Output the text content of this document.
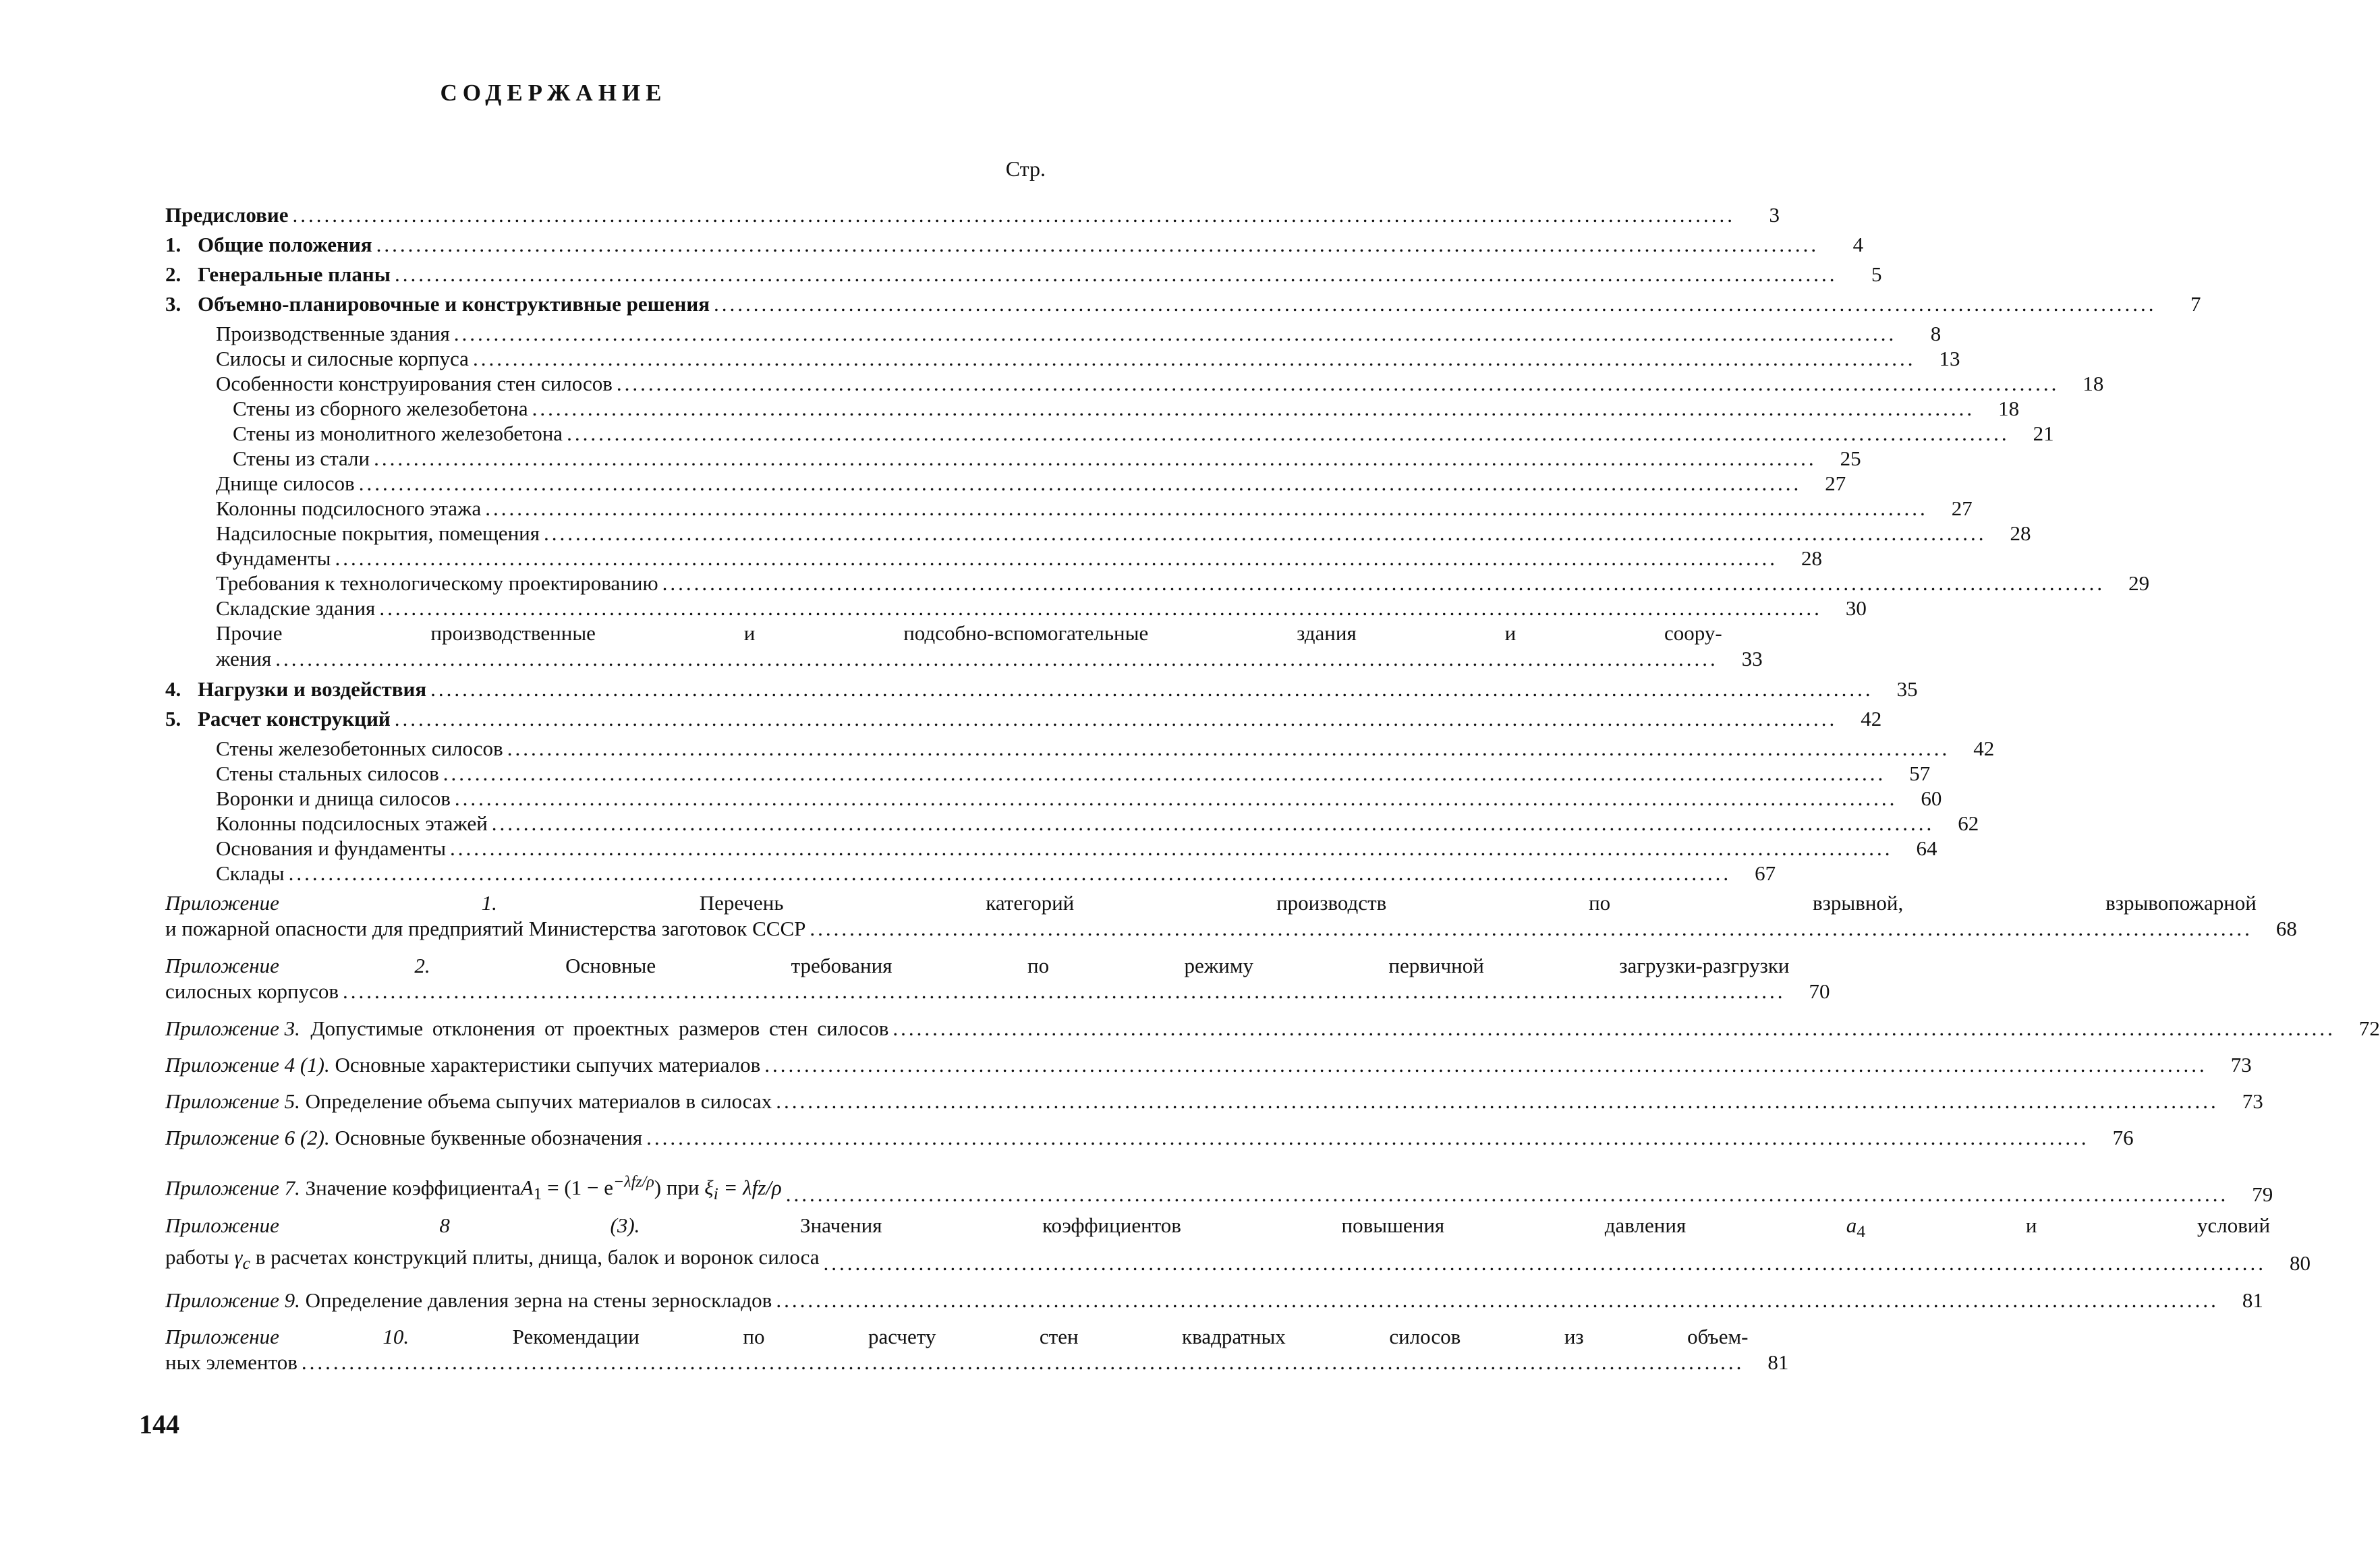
СОДЕРЖАНИЕ
Стр.
Предисловие ......................................................................................................................................................................................	3
1. Общие положения ......................................................................................................................................................................................	4
2. Генеральные планы ......................................................................................................................................................................................	5
3. Объемно-планировочные и конструктивные решения ......................................................................................................................................................................................	7
Производственные здания ......................................................................................................................................................................................	8
Силосы и силосные корпуса ......................................................................................................................................................................................	13
Особенности конструирования стен силосов ......................................................................................................................................................................................	18
Стены из сборного железобетона ......................................................................................................................................................................................	18
Стены из монолитного железобетона ......................................................................................................................................................................................	21
Стены из стали ......................................................................................................................................................................................	25
Днище силосов ......................................................................................................................................................................................	27
Колонны подсилосного этажа ......................................................................................................................................................................................	27
Надсилосные покрытия, помещения ......................................................................................................................................................................................	28
Фундаменты ......................................................................................................................................................................................	28
Требования к технологическому проектированию ......................................................................................................................................................................................	29
Складские здания ......................................................................................................................................................................................	30
Прочие производственные и подсобно-вспомогательные здания и соору-
жения ......................................................................................................................................................................................	33
4. Нагрузки и воздействия ......................................................................................................................................................................................	35
5. Расчет конструкций ......................................................................................................................................................................................	42
Стены железобетонных силосов ......................................................................................................................................................................................	42
Стены стальных силосов ......................................................................................................................................................................................	57
Воронки и днища силосов ......................................................................................................................................................................................	60
Колонны подсилосных этажей ......................................................................................................................................................................................	62
Основания и фундаменты ......................................................................................................................................................................................	64
Склады ......................................................................................................................................................................................	67
Приложение 1.	Перечень категорий производств по взрывной, взрывопожарной
и пожарной опасности для предприятий Министерства заготовок СССР ......................................................................................................................................................................................	68
Приложение 2.	Основные требования по режиму первичной загрузки-разгрузки
силосных корпусов ......................................................................................................................................................................................	70
Приложение 3. Допустимые отклонения от проектных размеров стен силосов ......................................................................................................................................................................................	72
Приложение 4 (1). Основные характеристики сыпучих материалов ......................................................................................................................................................................................	73
Приложение 5. Определение объема сыпучих материалов в силосах ......................................................................................................................................................................................	73
Приложение 6 (2). Основные буквенные обозначения ......................................................................................................................................................................................	76
Приложение 7. Значение коэффициентаA$_1$ = $(1 - e^{-\lambda fz/\rho})$ при $\xi_i = \lambda fz/\rho$ ......................................................................................................................................................................................	79
Приложение 8 (3).	Значения коэффициентов повышения давления $a_4$ и условий
работы $\gamma_c$ в расчетах конструкций плиты, днища, балок и воронок силоса ......................................................................................................................................................................................	80
Приложение 9. Определение давления зерна на стены зерноскладов ......................................................................................................................................................................................	81
Приложение 10.	Рекомендации по расчету стен квадратных силосов из объем-
ных элементов ......................................................................................................................................................................................	81
144
